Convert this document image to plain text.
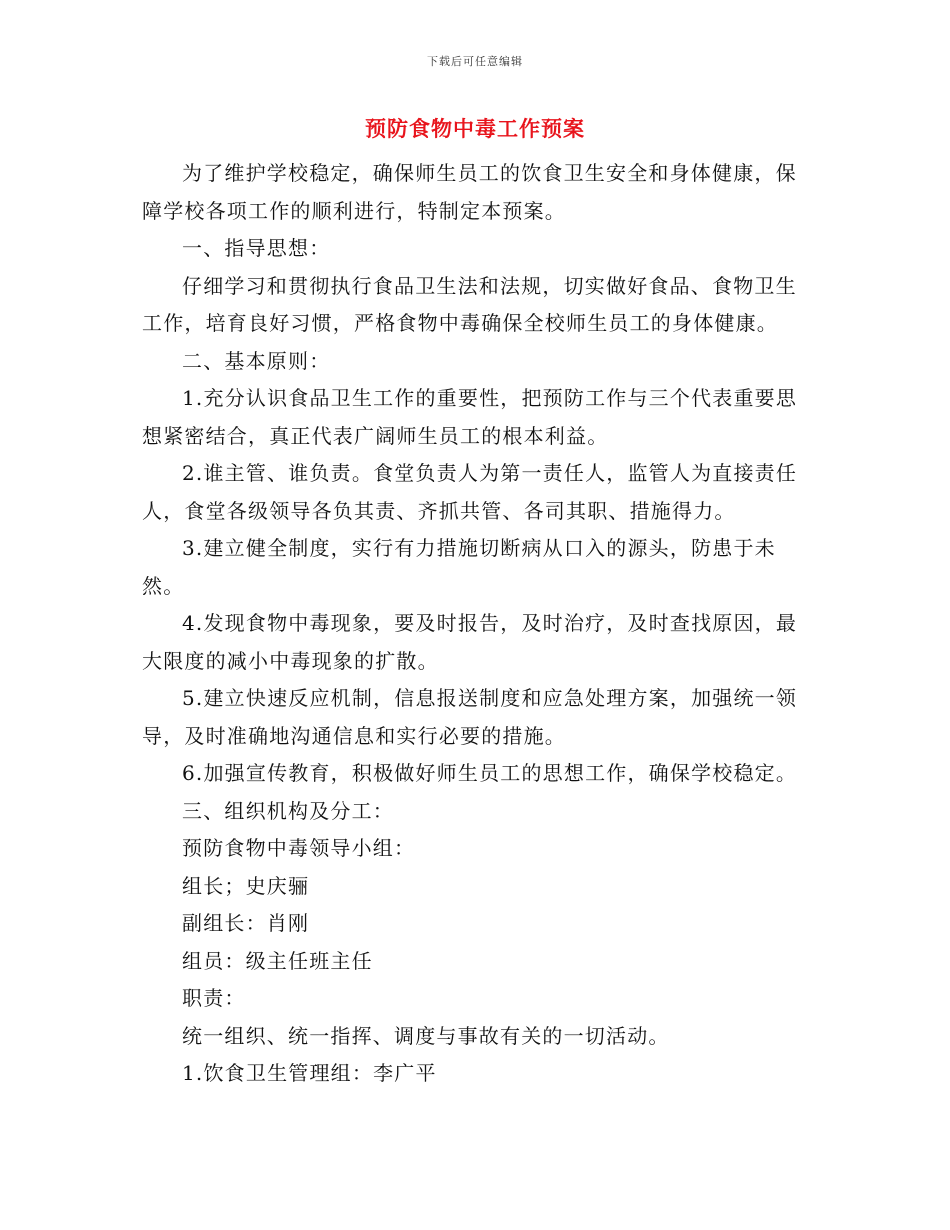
下载后可任意编辑
预防食物中毒工作预案

为了维护学校稳定，确保师生员工的饮食卫生安全和身体健康，保障学校各项工作的顺利进行，特制定本预案。

一、指导思想：

仔细学习和贯彻执行食品卫生法和法规，切实做好食品、食物卫生工作，培育良好习惯，严格食物中毒确保全校师生员工的身体健康。

二、基本原则：

1.充分认识食品卫生工作的重要性，把预防工作与三个代表重要思想紧密结合，真正代表广阔师生员工的根本利益。

2.谁主管、谁负责。食堂负责人为第一责任人，监管人为直接责任人，食堂各级领导各负其责、齐抓共管、各司其职、措施得力。

3.建立健全制度，实行有力措施切断病从口入的源头，防患于未然。

4.发现食物中毒现象，要及时报告，及时治疗，及时查找原因，最大限度的减小中毒现象的扩散。

5.建立快速反应机制，信息报送制度和应急处理方案，加强统一领导，及时准确地沟通信息和实行必要的措施。

6.加强宣传教育，积极做好师生员工的思想工作，确保学校稳定。

三、组织机构及分工：

预防食物中毒领导小组：

组长；史庆骊

副组长：肖刚

组员：级主任班主任

职责：

统一组织、统一指挥、调度与事故有关的一切活动。

1.饮食卫生管理组：李广平
